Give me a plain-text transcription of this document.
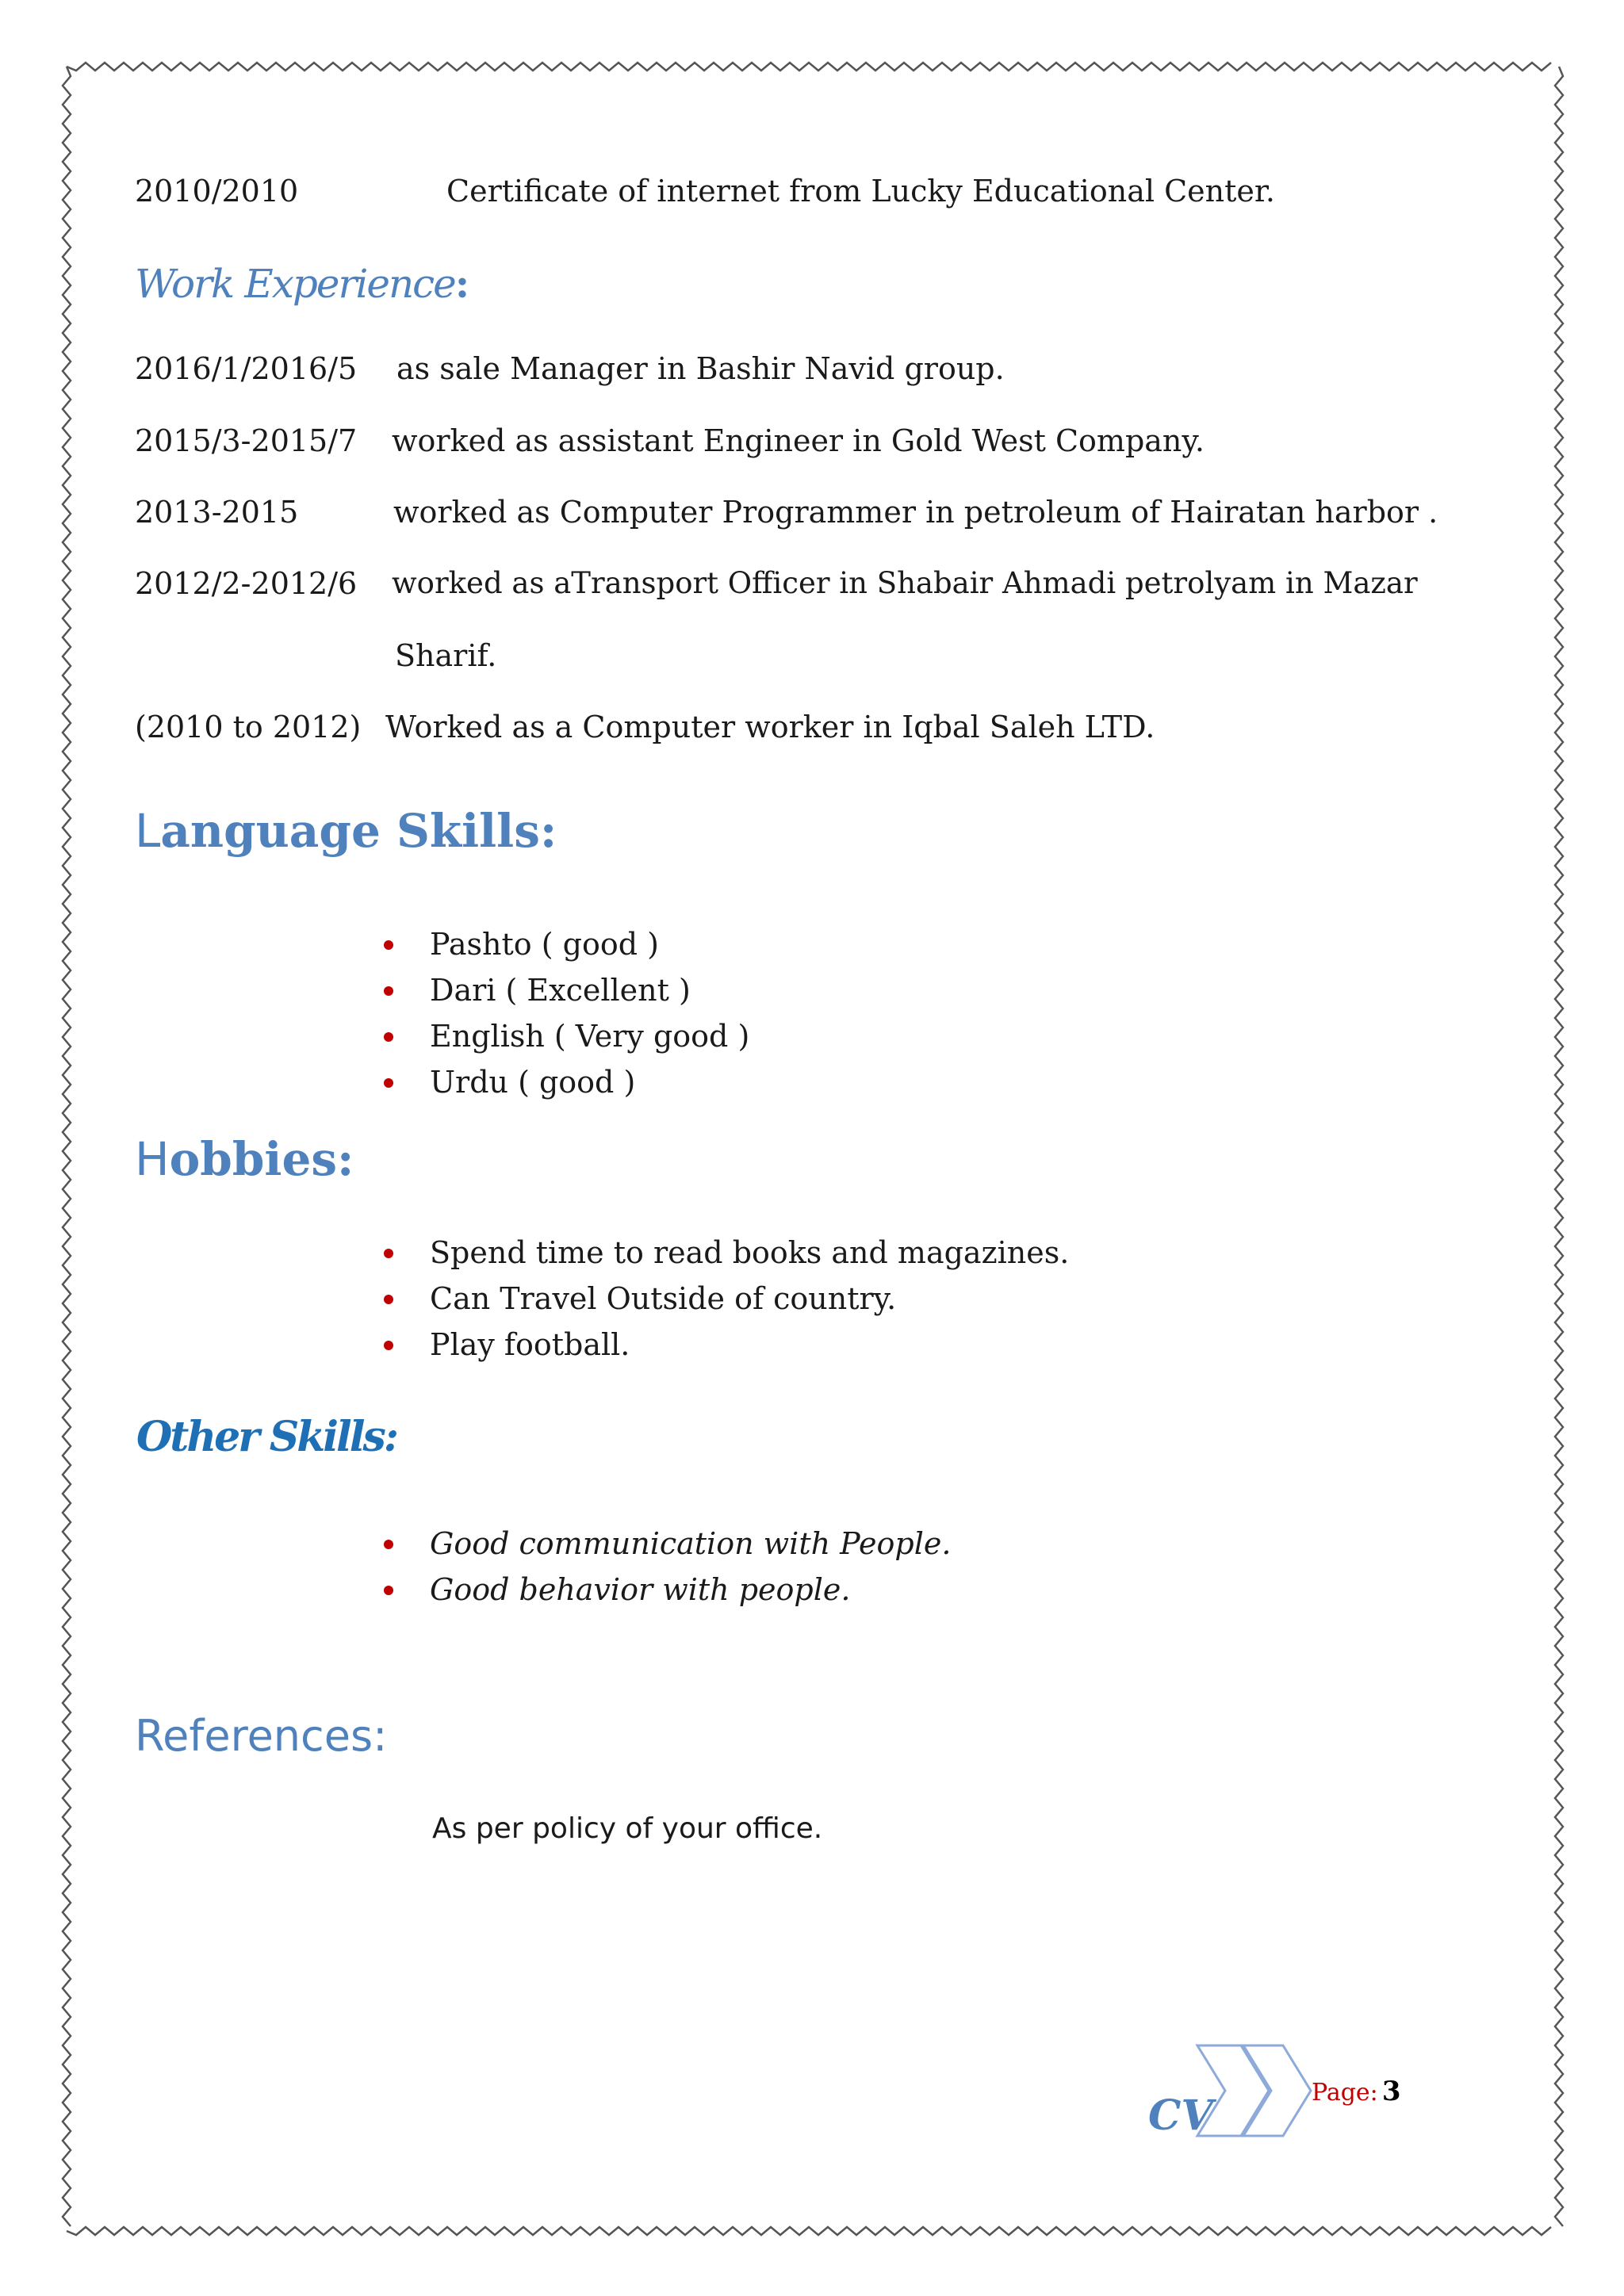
2010/2010	Certificate of internet from Lucky Educational Center.
Work Experience:
2016/1/2016/5 as sale Manager in Bashir Navid group.
2015/3-2015/7 worked as assistant Engineer in Gold West Company.
2013-2015	worked as Computer Programmer in petroleum of Hairatan harbor .
2012/2-2012/6 worked as aTransport Officer in Shabair Ahmadi petrolyam in Mazar
Sharif.
(2010 to 2012) Worked as a Computer worker in Iqbal Saleh LTD.
Language Skills:
Pashto ( good )
Dari ( Excellent )
English ( Very good )
Urdu ( good )
Hobbies:
Spend time to read books and magazines.
Can Travel Outside of country.
Play football.
Other Skills:
Good communication with People.
Good behavior with people.
References:
As per policy of your office.
CV	Page: 3
